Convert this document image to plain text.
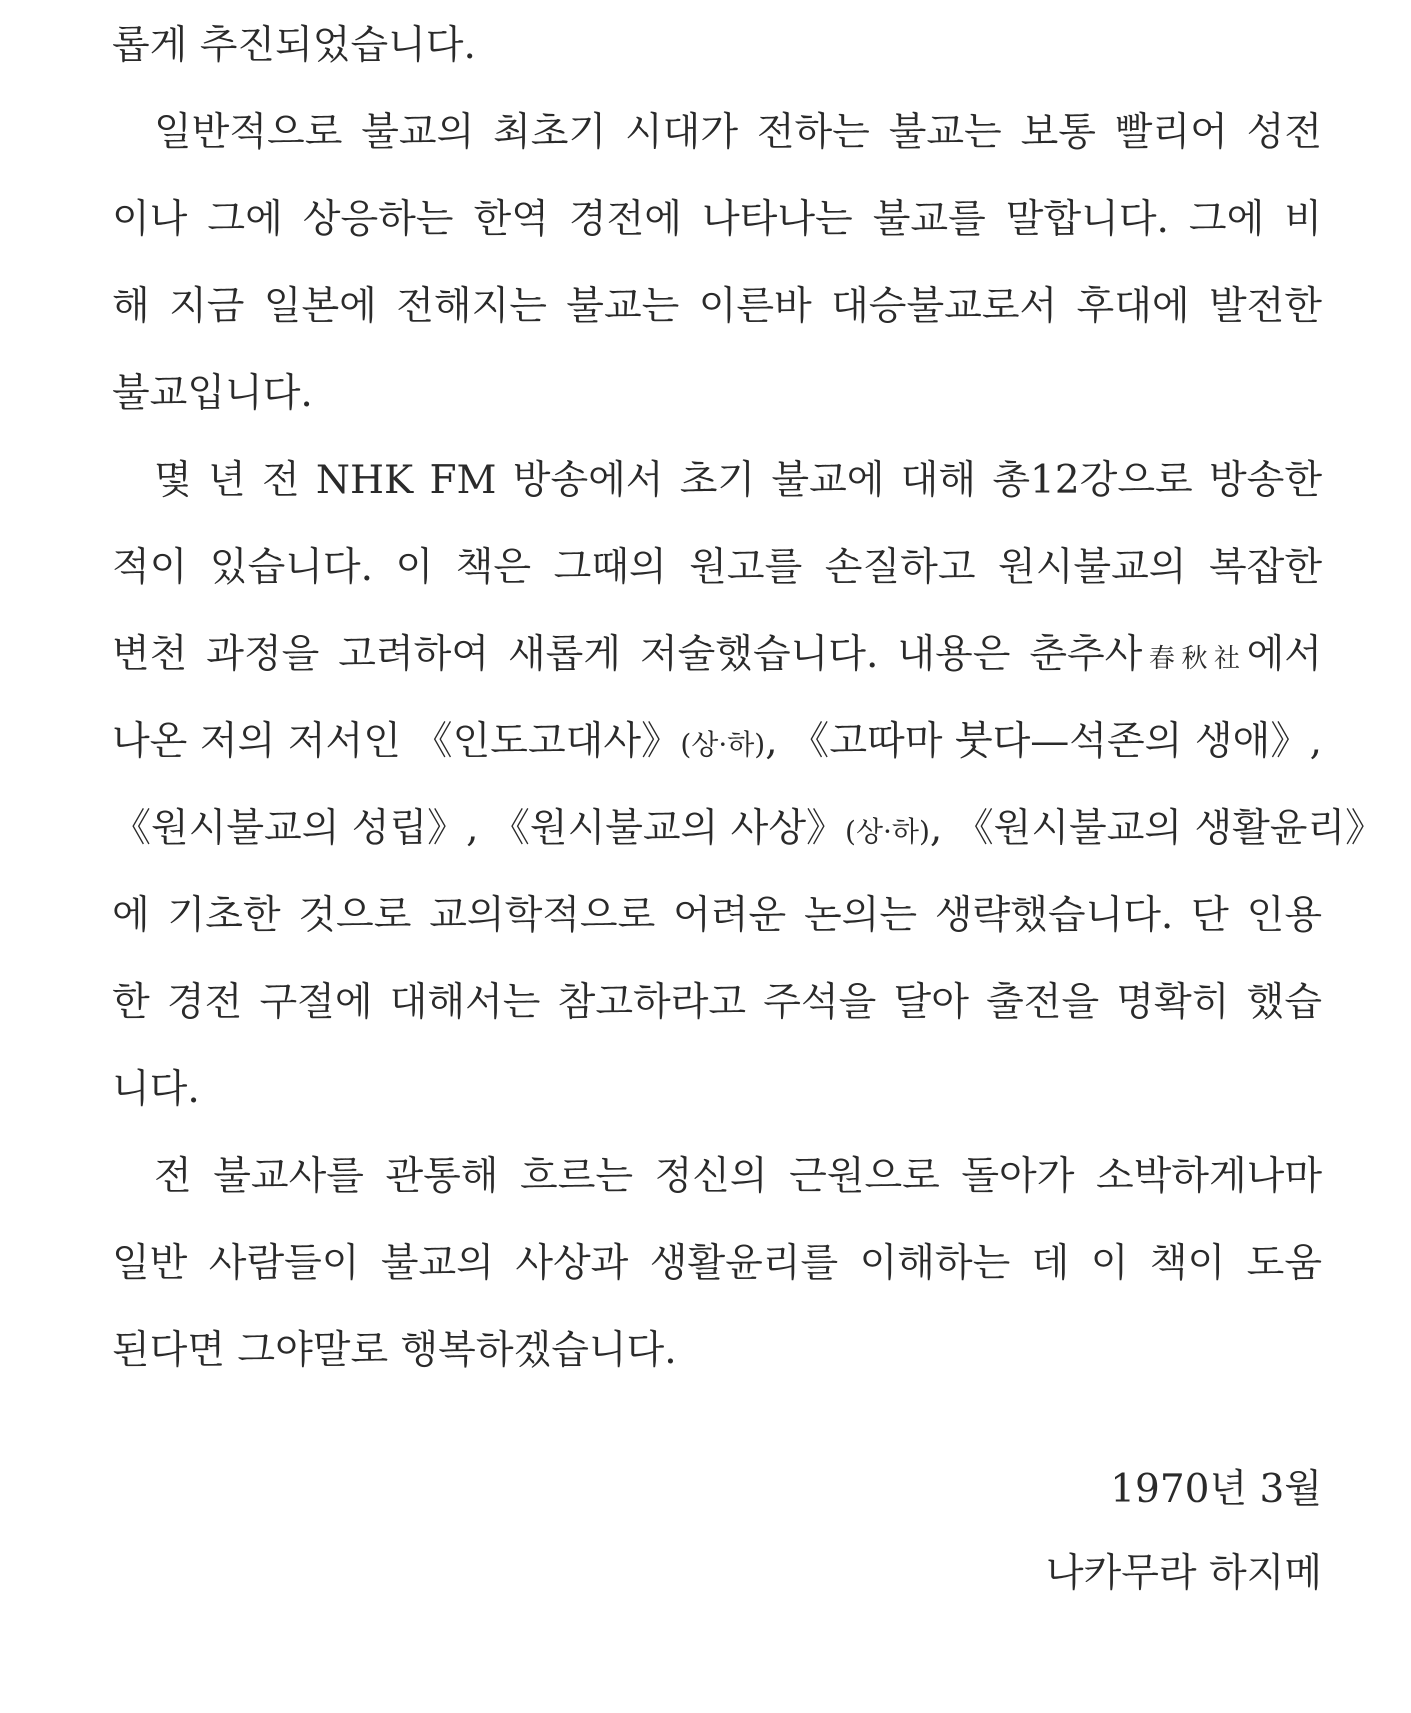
롭게 추진되었습니다.
일반적으로 불교의 최초기 시대가 전하는 불교는 보통 빨리어 성전
이나 그에 상응하는 한역 경전에 나타나는 불교를 말합니다. 그에 비
해 지금 일본에 전해지는 불교는 이른바 대승불교로서 후대에 발전한
불교입니다.
몇 년 전 NHK FM 방송에서 초기 불교에 대해 총12강으로 방송한
적이 있습니다. 이 책은 그때의 원고를 손질하고 원시불교의 복잡한
변천 과정을 고려하여 새롭게 저술했습니다. 내용은 춘추사春秋社에서
나온 저의 저서인 《인도고대사》(상·하), 《고따마 붓다—석존의 생애》,
《원시불교의 성립》, 《원시불교의 사상》(상·하), 《원시불교의 생활윤리》
에 기초한 것으로 교의학적으로 어려운 논의는 생략했습니다. 단 인용
한 경전 구절에 대해서는 참고하라고 주석을 달아 출전을 명확히 했습
니다.
전 불교사를 관통해 흐르는 정신의 근원으로 돌아가 소박하게나마
일반 사람들이 불교의 사상과 생활윤리를 이해하는 데 이 책이 도움
된다면 그야말로 행복하겠습니다.
1970년 3월
나카무라 하지메
